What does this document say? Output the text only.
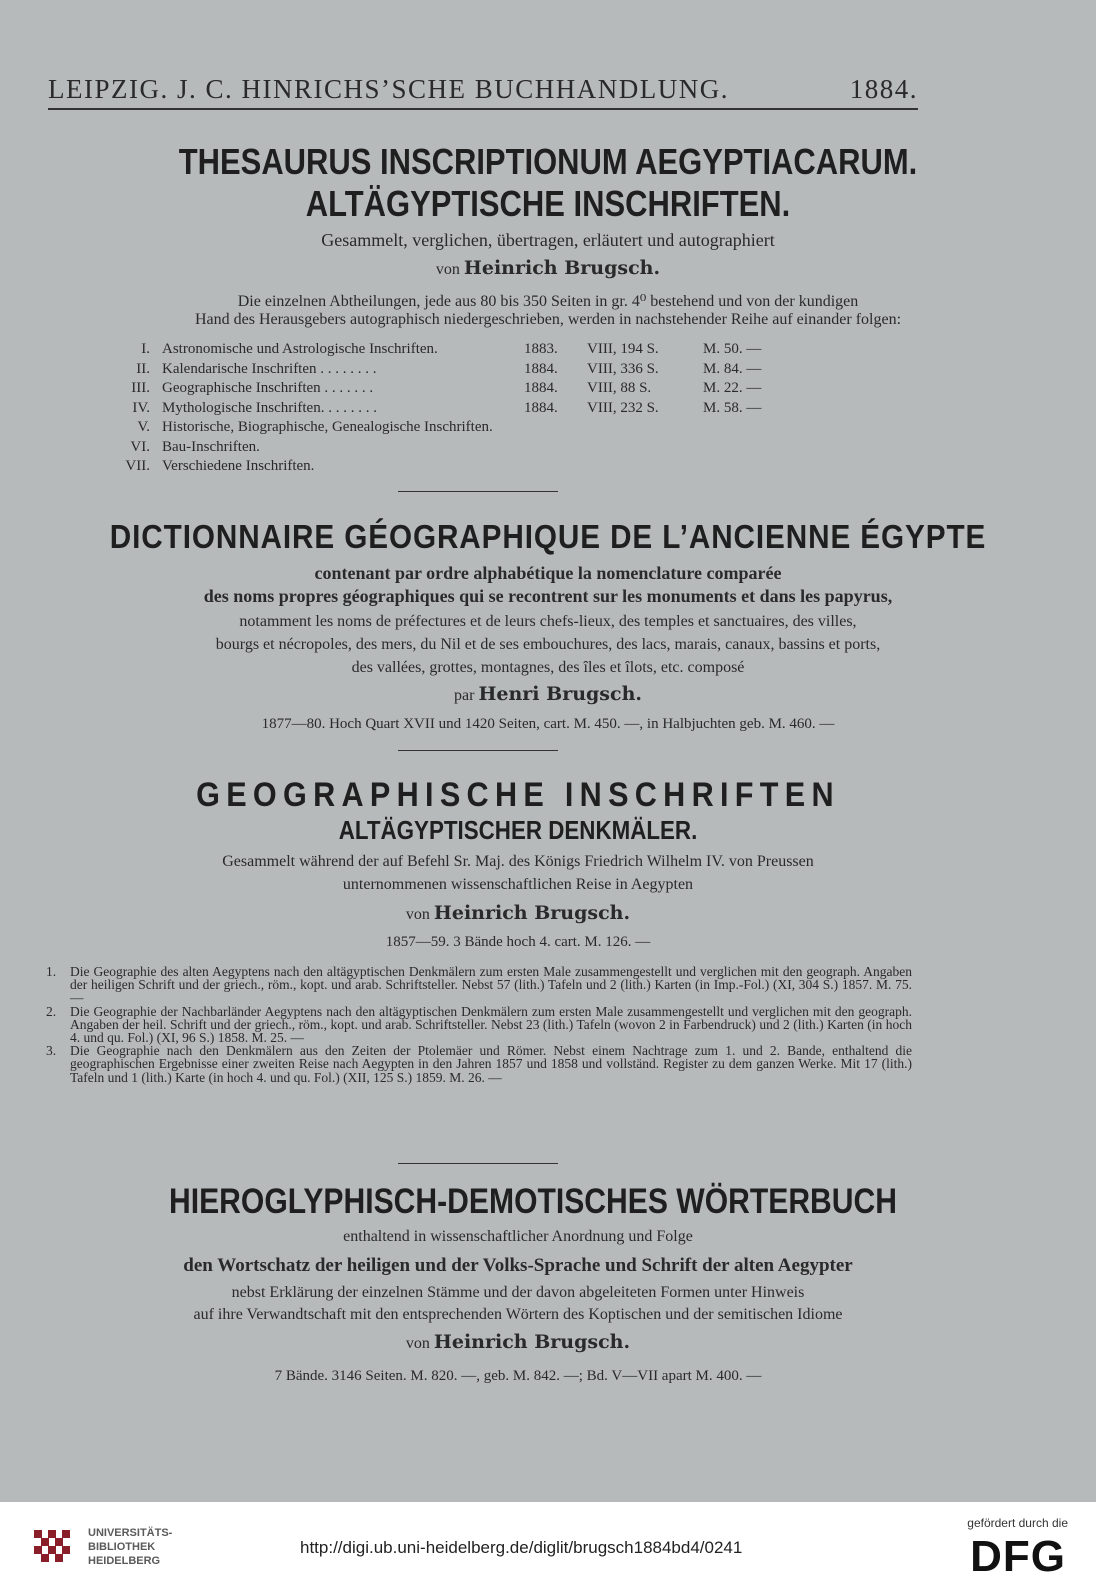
LEIPZIG. J. C. HINRICHS’SCHE BUCHHANDLUNG.	1884.
THESAURUS INSCRIPTIONUM AEGYPTIACARUM.
ALTÄGYPTISCHE INSCHRIFTEN.
Gesammelt, verglichen, übertragen, erläutert und autographiert
von Heinrich Brugsch.
Die einzelnen Abtheilungen, jede aus 80 bis 350 Seiten in gr. 4⁰ bestehend und von der kundigen
Hand des Herausgebers autographisch niedergeschrieben, werden in nachstehender Reihe auf einander folgen:
I. Astronomische und Astrologische Inschriften.	1883.	VIII, 194 S.	M. 50. —
II. Kalendarische Inschriften . . . . . . . .	1884.	VIII, 336 S.	M. 84. —
III. Geographische Inschriften . . . . . . .	1884.	VIII, 88 S.	M. 22. —
IV. Mythologische Inschriften. . . . . . . .	1884.	VIII, 232 S.	M. 58. —
V. Historische, Biographische, Genealogische Inschriften.
VI. Bau-Inschriften.
VII. Verschiedene Inschriften.
DICTIONNAIRE GÉOGRAPHIQUE DE L’ANCIENNE ÉGYPTE
contenant par ordre alphabétique la nomenclature comparée
des noms propres géographiques qui se recontrent sur les monuments et dans les papyrus,
notamment les noms de préfectures et de leurs chefs-lieux, des temples et sanctuaires, des villes,
bourgs et nécropoles, des mers, du Nil et de ses embouchures, des lacs, marais, canaux, bassins et ports,
des vallées, grottes, montagnes, des îles et îlots, etc. composé
par Henri Brugsch.
1877—80. Hoch Quart XVII und 1420 Seiten, cart. M. 450. —, in Halbjuchten geb. M. 460. —
GEOGRAPHISCHE INSCHRIFTEN
ALTÄGYPTISCHER DENKMÄLER.
Gesammelt während der auf Befehl Sr. Maj. des Königs Friedrich Wilhelm IV. von Preussen
unternommenen wissenschaftlichen Reise in Aegypten
von Heinrich Brugsch.
1857—59. 3 Bände hoch 4. cart. M. 126. —
1.	Die Geographie des alten Aegyptens nach den altägyptischen Denkmälern zum ersten Male zusammengestellt und verglichen mit den geograph. Angaben der heiligen Schrift und der griech., röm., kopt. und arab. Schriftsteller. Nebst 57 (lith.) Tafeln und 2 (lith.) Karten (in Imp.-Fol.) (XI, 304 S.) 1857. M. 75. —
2.	Die Geographie der Nachbarländer Aegyptens nach den altägyptischen Denkmälern zum ersten Male zusammengestellt und verglichen mit den geograph. Angaben der heil. Schrift und der griech., röm., kopt. und arab. Schriftsteller. Nebst 23 (lith.) Tafeln (wovon 2 in Farbendruck) und 2 (lith.) Karten (in hoch 4. und qu. Fol.) (XI, 96 S.) 1858. M. 25. —
3.	Die Geographie nach den Denkmälern aus den Zeiten der Ptolemäer und Römer. Nebst einem Nachtrage zum 1. und 2. Bande, enthaltend die geographischen Ergebnisse einer zweiten Reise nach Aegypten in den Jahren 1857 und 1858 und vollständ. Register zu dem ganzen Werke. Mit 17 (lith.) Tafeln und 1 (lith.) Karte (in hoch 4. und qu. Fol.) (XII, 125 S.) 1859. M. 26. —
HIEROGLYPHISCH-DEMOTISCHES WÖRTERBUCH
enthaltend in wissenschaftlicher Anordnung und Folge
den Wortschatz der heiligen und der Volks-Sprache und Schrift der alten Aegypter
nebst Erklärung der einzelnen Stämme und der davon abgeleiteten Formen unter Hinweis
auf ihre Verwandtschaft mit den entsprechenden Wörtern des Koptischen und der semitischen Idiome
von Heinrich Brugsch.
7 Bände. 3146 Seiten. M. 820. —, geb. M. 842. —; Bd. V—VII apart M. 400. —
UNIVERSITÄTS-
BIBLIOTHEK
HEIDELBERG
http://digi.ub.uni-heidelberg.de/diglit/brugsch1884bd4/0241
gefördert durch die
DFG
